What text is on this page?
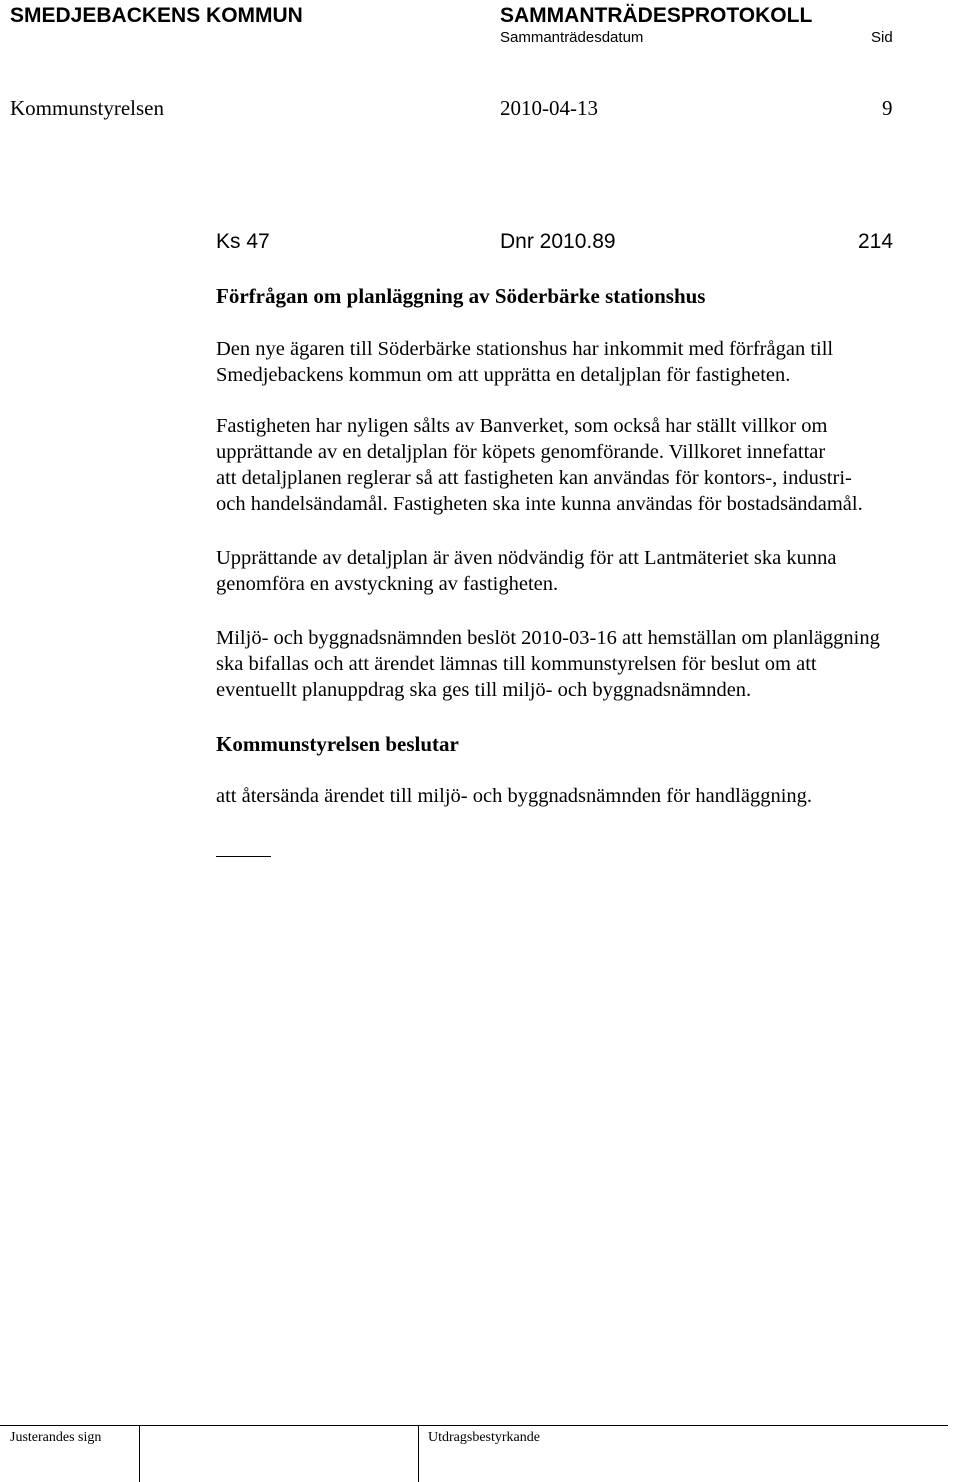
SMEDJEBACKENS KOMMUN	SAMMANTRÄDESPROTOKOLL
Sammanträdesdatum	Sid
Kommunstyrelsen	2010-04-13	9
Ks 47	Dnr 2010.89	214
Förfrågan om planläggning av Söderbärke stationshus

Den nye ägaren till Söderbärke stationshus har inkommit med förfrågan till

Smedjebackens kommun om att upprätta en detaljplan för fastigheten.

Fastigheten har nyligen sålts av Banverket, som också har ställt villkor om

upprättande av en detaljplan för köpets genomförande. Villkoret innefattar

att detaljplanen reglerar så att fastigheten kan användas för kontors-, industri-

och handelsändamål. Fastigheten ska inte kunna användas för bostadsändamål.

Upprättande av detaljplan är även nödvändig för att Lantmäteriet ska kunna

genomföra en avstyckning av fastigheten.

Miljö- och byggnadsnämnden beslöt 2010-03-16 att hemställan om planläggning

ska bifallas och att ärendet lämnas till kommunstyrelsen för beslut om att

eventuellt planuppdrag ska ges till miljö- och byggnadsnämnden.

Kommunstyrelsen beslutar
att återsända ärendet till miljö- och byggnadsnämnden för handläggning.
Justerandes sign	Utdragsbestyrkande
